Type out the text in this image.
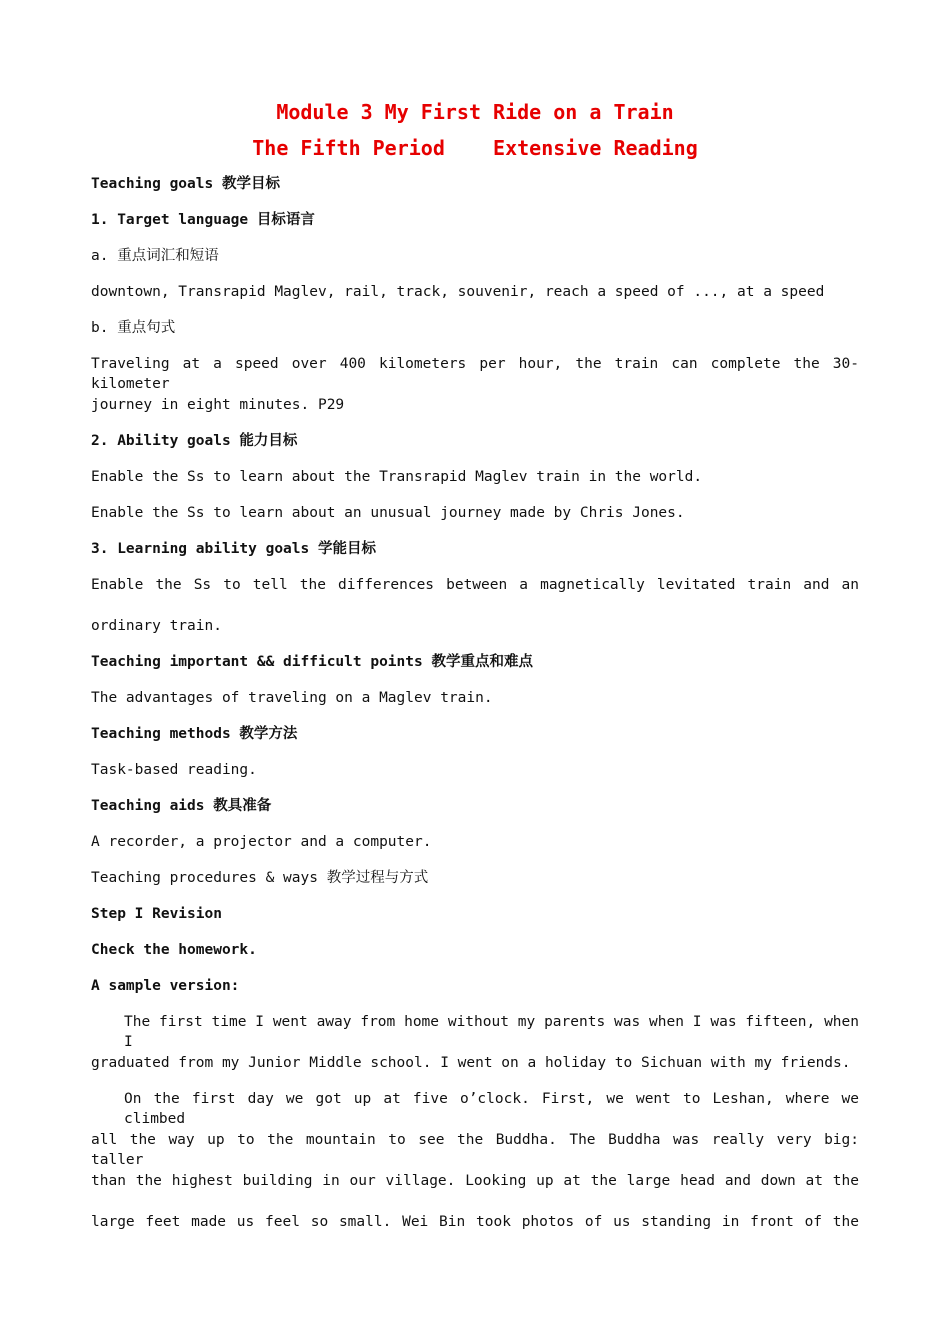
Module 3 My First Ride on a Train
The Fifth Period    Extensive Reading
Teaching goals 教学目标
1. Target language 目标语言
a. 重点词汇和短语
downtown, Transrapid Maglev, rail, track, souvenir, reach a speed of ..., at a speed
b. 重点句式
Traveling at a speed over 400 kilometers per hour, the train can complete the 30-kilometer
journey in eight minutes. P29
2. Ability goals 能力目标
Enable the Ss to learn about the Transrapid Maglev train in the world.
Enable the Ss to learn about an unusual journey made by Chris Jones.
3. Learning ability goals 学能目标
Enable the Ss to tell the differences between a magnetically levitated train and an
ordinary train.
Teaching important && difficult points 教学重点和难点
The advantages of traveling on a Maglev train.
Teaching methods 教学方法
Task-based reading.
Teaching aids 教具准备
A recorder, a projector and a computer.
Teaching procedures & ways 教学过程与方式
Step I Revision
Check the homework.
A sample version:
The first time I went away from home without my parents was when I was fifteen, when I
graduated from my Junior Middle school. I went on a holiday to Sichuan with my friends.
On the first day we got up at five o’clock. First, we went to Leshan, where we climbed
all the way up to the mountain to see the Buddha. The Buddha was really very big: taller
than the highest building in our village. Looking up at the large head and down at the
large feet made us feel so small. Wei Bin took photos of us standing in front of the
